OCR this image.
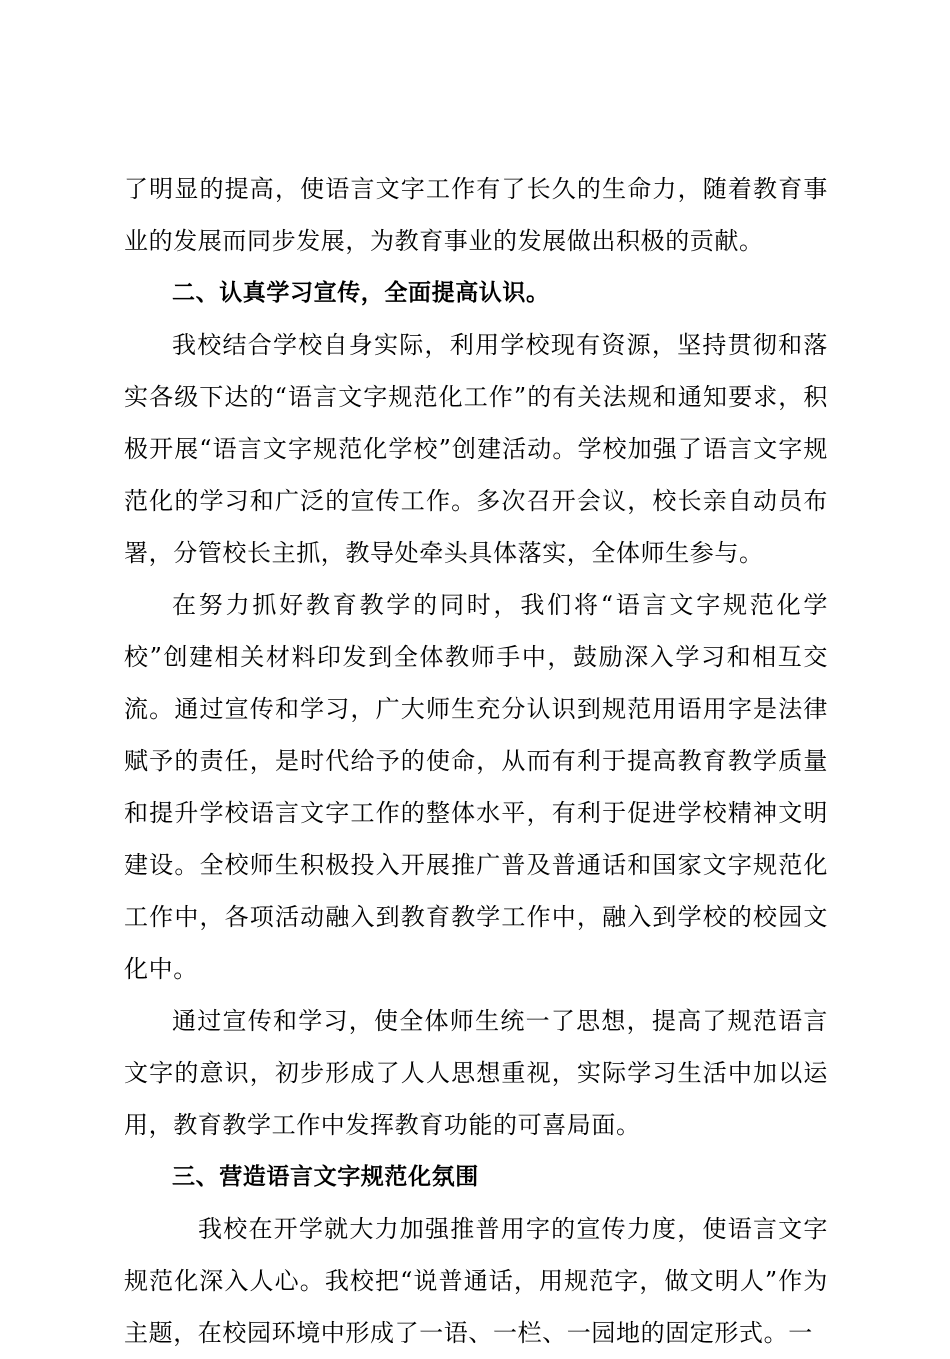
了明显的提高，使语言文字工作有了长久的生命力，随着教育事业的发展而同步发展，为教育事业的发展做出积极的贡献。

二、认真学习宣传，全面提高认识。

我校结合学校自身实际，利用学校现有资源，坚持贯彻和落实各级下达的“语言文字规范化工作”的有关法规和通知要求，积极开展“语言文字规范化学校”创建活动。学校加强了语言文字规范化的学习和广泛的宣传工作。多次召开会议，校长亲自动员布署，分管校长主抓，教导处牵头具体落实，全体师生参与。

在努力抓好教育教学的同时，我们将“语言文字规范化学校”创建相关材料印发到全体教师手中，鼓励深入学习和相互交流。通过宣传和学习，广大师生充分认识到规范用语用字是法律赋予的责任，是时代给予的使命，从而有利于提高教育教学质量和提升学校语言文字工作的整体水平，有利于促进学校精神文明建设。全校师生积极投入开展推广普及普通话和国家文字规范化工作中，各项活动融入到教育教学工作中，融入到学校的校园文化中。

通过宣传和学习，使全体师生统一了思想，提高了规范语言文字的意识，初步形成了人人思想重视，实际学习生活中加以运用，教育教学工作中发挥教育功能的可喜局面。

三、营造语言文字规范化氛围

我校在开学就大力加强推普用字的宣传力度，使语言文字规范化深入人心。我校把“说普通话，用规范字，做文明人”作为主题，在校园环境中形成了一语、一栏、一园地的固定形式。一
